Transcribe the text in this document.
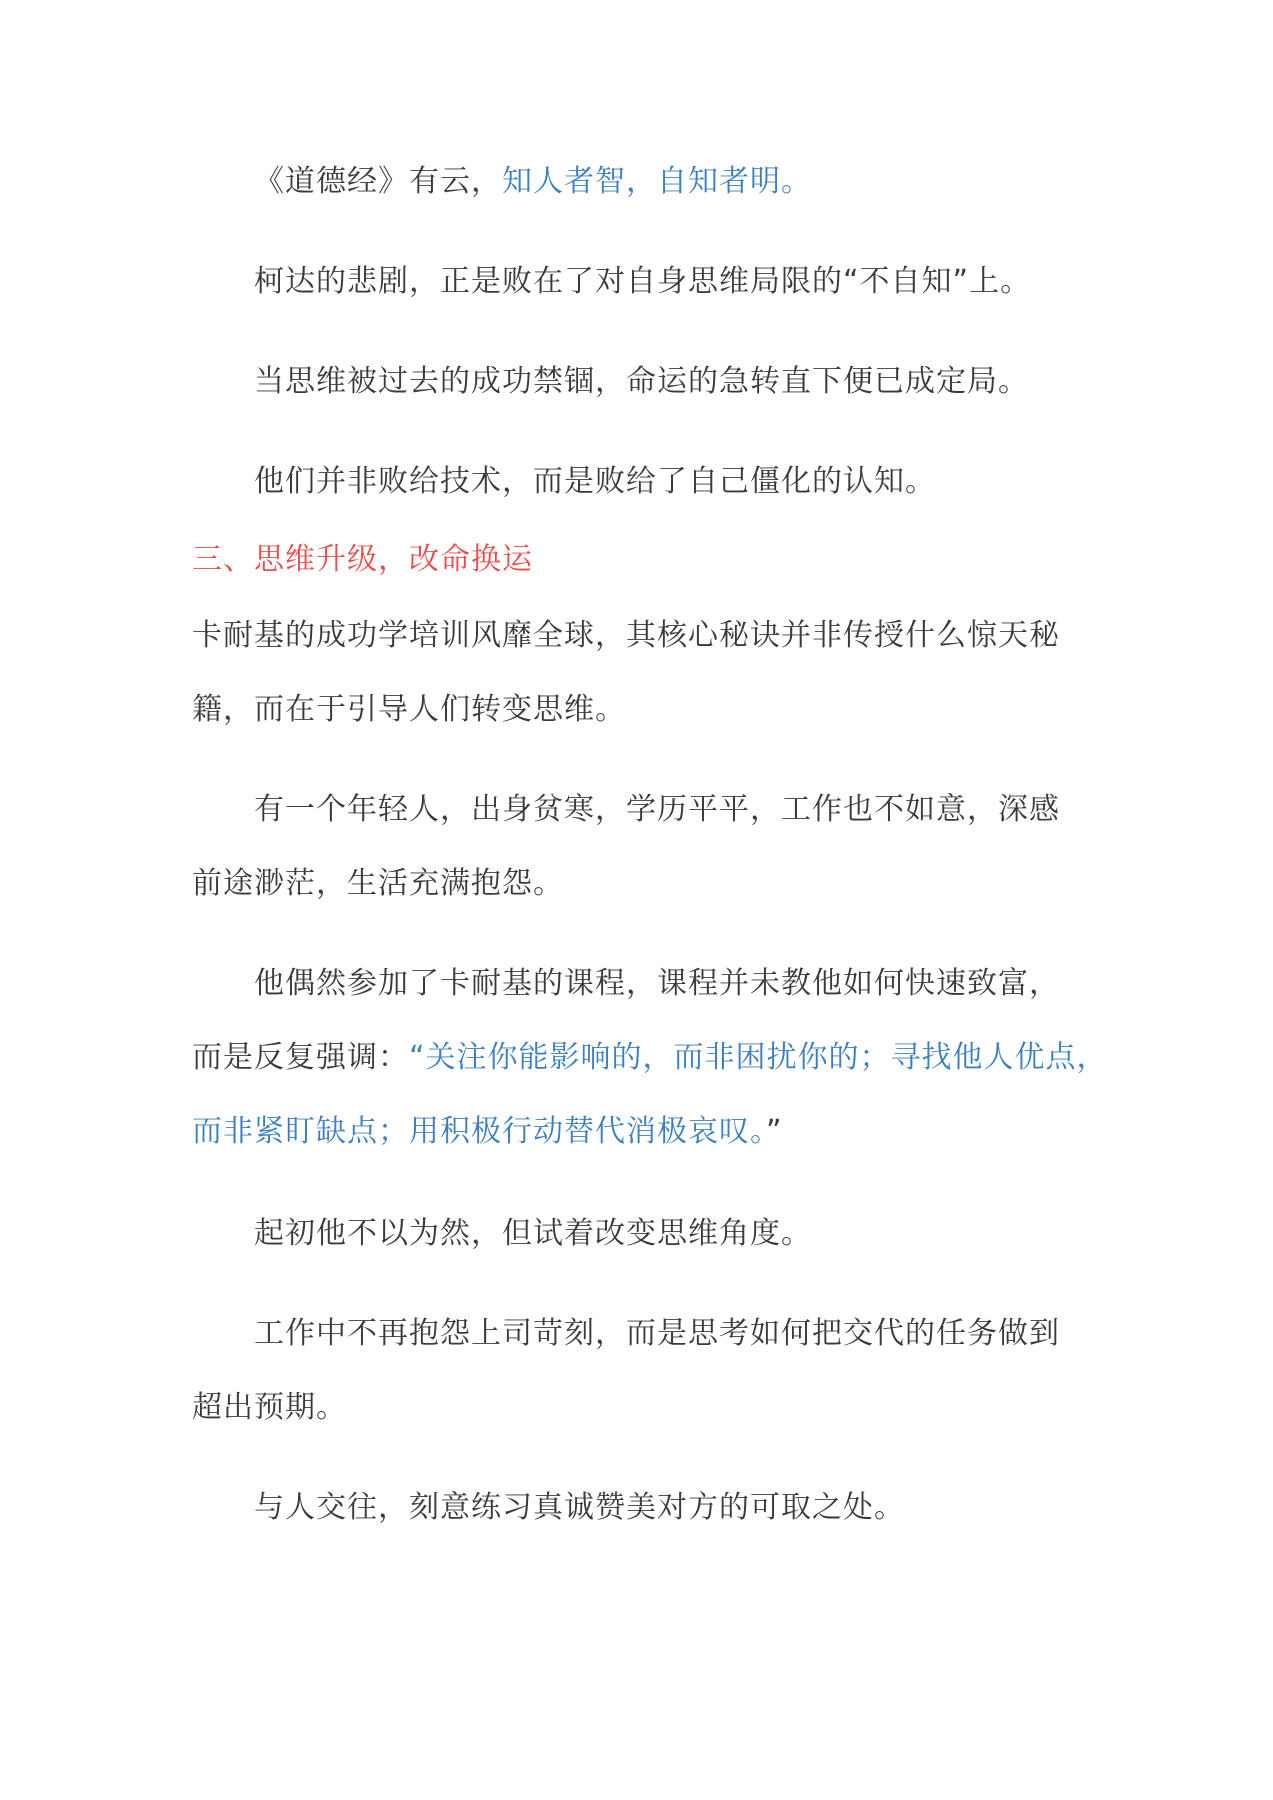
《道德经》有云，知人者智，自知者明。

柯达的悲剧，正是败在了对自身思维局限的“不自知”上。

当思维被过去的成功禁锢，命运的急转直下便已成定局。

他们并非败给技术，而是败给了自己僵化的认知。

三、思维升级，改命换运

卡耐基的成功学培训风靡全球，其核心秘诀并非传授什么惊天秘

籍，而在于引导人们转变思维。

有一个年轻人，出身贫寒，学历平平，工作也不如意，深感

前途渺茫，生活充满抱怨。

他偶然参加了卡耐基的课程，课程并未教他如何快速致富，

而是反复强调：“关注你能影响的，而非困扰你的；寻找他人优点，

而非紧盯缺点；用积极行动替代消极哀叹。”

起初他不以为然，但试着改变思维角度。

工作中不再抱怨上司苛刻，而是思考如何把交代的任务做到

超出预期。

与人交往，刻意练习真诚赞美对方的可取之处。
